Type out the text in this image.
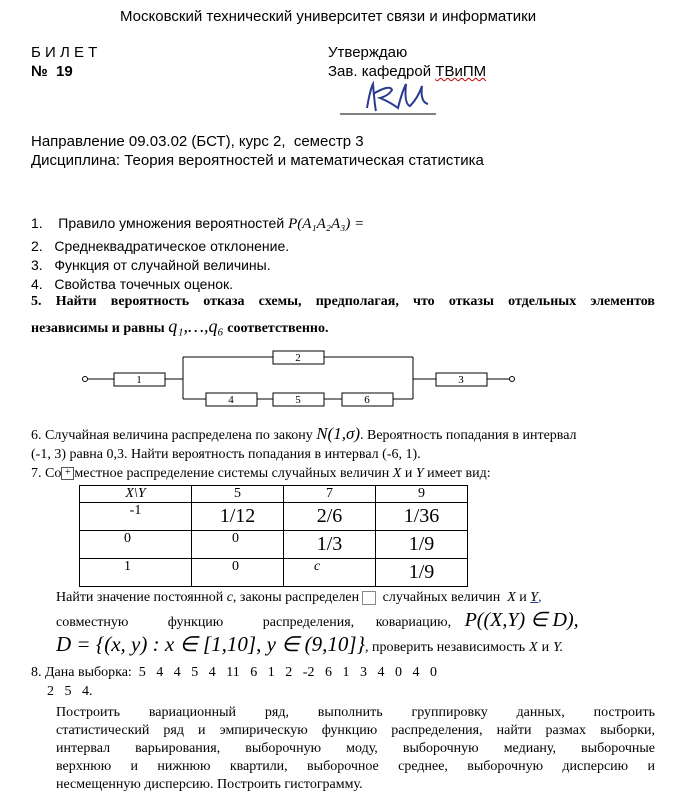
Московский технический университет связи и информатики
Б И Л Е Т
№  19
Утверждаю
Зав. кафедрой ТВиПМ
Направление 09.03.02 (БСТ), курс 2,  семестр 3
Дисциплина: Теория вероятностей и математическая статистика
1. Правило умножения вероятностей P(A₁A₂A₃) =
2.   Среднеквадратическое отклонение.
3.   Функция от случайной величины.
4.   Свойства точечных оценок.
5. Найти вероятность отказа схемы, предполагая, что отказы отдельных элементов
независимы и равны q₁,…,q₆ соответственно.
1
2
4	5	6
3
6. Случайная величина распределена по закону N(1,σ). Вероятность попадания в интервал
(-1, 3) равна 0,3. Найти вероятность попадания в интервал (-6, 1).
7. Со + местное распределение системы случайных величин X и Y имеет вид:
X\Y	5	7	9
-1	1/12	2/6	1/36
0	0	1/3	1/9
1	0	c	1/9
Найти значение постоянной c, законы распределен случайных величин X и Y,
совместную	функцию	распределения, ковариацию, P((X,Y) ∈ D),
D = {(x, y) : x ∈ [1,10], y ∈ (9,10]}, проверить независимость X и Y.
8. Дана выборка:  5   4   4   5   4   11   6   1   2   -2   6   1   3   4   0   4   0
2   5   4.
Построить вариационный ряд, выполнить группировку данных, построить
статистический ряд и эмпирическую функцию распределения, найти размах выборки,
интервал варьирования, выборочную моду, выборочную медиану, выборочные
верхнюю и нижнюю квартили, выборочное среднее, выборочную дисперсию и
несмещенную дисперсию. Построить гистограмму.
